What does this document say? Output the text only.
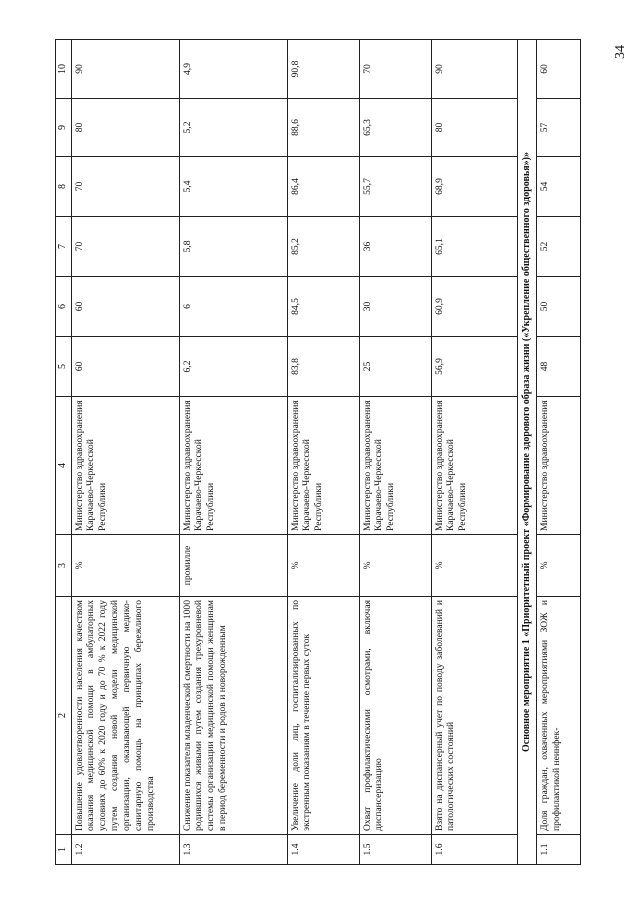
34
1	2	3	4	5	6	7	8	9	10
1.2	Повышение удовлетворенности населения качеством оказания медицинской помощи в амбулаторных условиях до 60% к 2020 году и до 70 % к 2022 году путем создания новой модели медицинской организации, оказывающей первичную медико-санитарную помощь на принципах бережливого производства	%	Министерство здравоохранения Карачаево-Черкесской Республики	60	60	70	70	80	90
1.3	Снижение показателя младенческой смертности на 1000 родившихся живыми путем создания трехуровневой системы организации медицинской помощи женщинам в период беременности и родов и новорожденным	промилле	Министерство здравоохранения Карачаево-Черкесской Республики	6,2	6	5,8	5,4	5,2	4,9
1.4	Увеличение доли лиц, госпитализированных по экстренным показаниям в течение первых суток	%	Министерство здравоохранения Карачаево-Черкесской Республики	83,8	84,5	85,2	86,4	88,6	90,8
1.5	Охват профилактическими осмотрами, включая диспансеризацию	%	Министерство здравоохранения Карачаево-Черкесской Республики	25	30	36	55,7	65,3	70
1.6	Взято на диспансерный учет по поводу заболеваний и патологических состояний	%	Министерство здравоохранения Карачаево-Черкесской Республики	56,9	60,9	65,1	68,9	80	90
Основное мероприятие 1 «Приоритетный проект «Формирование здорового образа жизни («Укрепление общественного здоровья»)»									
1.1	Доля граждан, охваченных мероприятиями ЗОЖ и профилактикой неинфек-	%	Министерство здравоохранения	48	50	52	54	57	60
